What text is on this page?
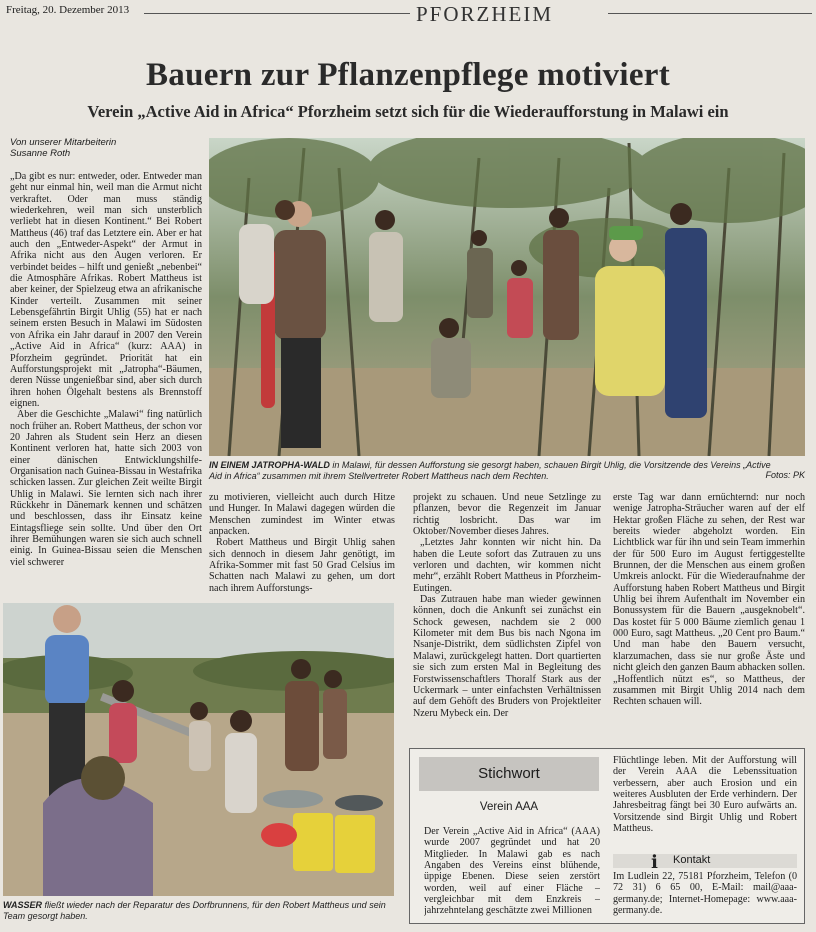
Freitag, 20. Dezember 2013	PFORZHEIM
Bauern zur Pflanzenpflege motiviert
Verein „Active Aid in Africa“ Pforzheim setzt sich für die Wiederaufforstung in Malawi ein
Von unserer Mitarbeiterin
Susanne Roth

„Da gibt es nur: entweder, oder. Entweder man geht nur einmal hin, weil man die Armut nicht verkraftet. Oder man muss ständig wiederkehren, weil man sich unsterblich verliebt hat in diesen Kontinent.“ Bei Robert Mattheus (46) traf das Letztere ein. Aber er hat auch den „Entweder-Aspekt“ der Armut in Afrika nicht aus den Augen verloren. Er verbindet beides – hilft und genießt „nebenbei“ die Atmosphäre Afrikas. Robert Mattheus ist aber keiner, der Spielzeug etwa an afrikanische Kinder verteilt. Zusammen mit seiner Lebensgefährtin Birgit Uhlig (55) hat er nach seinem ersten Besuch in Malawi im Südosten von Afrika ein Jahr darauf in 2007 den Verein „Active Aid in Africa“ (kurz: AAA) in Pforzheim gegründet. Priorität hat ein Aufforstungsprojekt mit „Jatropha“-Bäumen, deren Nüsse ungenießbar sind, aber sich durch ihren hohen Ölgehalt bestens als Brennstoff eignen.

Aber die Geschichte „Malawi“ fing natürlich noch früher an. Robert Mattheus, der schon vor 20 Jahren als Student sein Herz an diesen Kontinent verloren hat, hatte sich 2003 von einer dänischen Entwicklungshilfe-Organisation nach Guinea-Bissau in Westafrika schicken lassen. Zur gleichen Zeit weilte Birgit Uhlig in Malawi. Sie lernten sich nach ihrer Rückkehr in Dänemark kennen und schätzen und beschlossen, dass ihr Einsatz keine Eintagsfliege sein sollte. Und über den Ort ihrer Bemühungen waren sie sich auch schnell einig. In Guinea-Bissau seien die Menschen viel schwerer

IN EINEM JATROPHA-WALD in Malawi, für dessen Aufforstung sie gesorgt haben, schauen Birgit Uhlig, die Vorsitzende des Vereins „Active Aid in Africa“ zusammen mit ihrem Stellvertreter Robert Mattheus nach dem Rechten.	Fotos: PK

zu motivieren, vielleicht auch durch Hitze und Hunger. In Malawi dagegen würden die Menschen zumindest im Winter etwas anpacken.

Robert Mattheus und Birgit Uhlig sahen sich dennoch in diesem Jahr genötigt, im Afrika-Sommer mit fast 50 Grad Celsius im Schatten nach Malawi zu gehen, um dort nach ihrem Aufforstungs-

projekt zu schauen. Und neue Setzlinge zu pflanzen, bevor die Regenzeit im Januar richtig losbricht. Das war im Oktober/November dieses Jahres.

„Letztes Jahr konnten wir nicht hin. Da haben die Leute sofort das Zutrauen zu uns verloren und dachten, wir kommen nicht mehr“, erzählt Robert Mattheus in Pforzheim-Eutingen.

Das Zutrauen habe man wieder gewinnen können, doch die Ankunft sei zunächst ein Schock gewesen, nachdem sie 2 000 Kilometer mit dem Bus bis nach Ngona im Nsanje-Distrikt, dem südlichsten Zipfel von Malawi, zurückgelegt hatten. Dort quartierten sie sich zum ersten Mal in Begleitung des Forstwissenschaftlers Thoralf Stark aus der Uckermark – unter einfachsten Verhältnissen auf dem Gehöft des Bruders von Projektleiter Nzeru Mybeck ein. Der

erste Tag war dann ernüchternd: nur noch wenige Jatropha-Sträucher waren auf der elf Hektar großen Fläche zu sehen, der Rest war bereits wieder abgeholzt worden. Ein Lichtblick war für ihn und sein Team immerhin der für 500 Euro im August fertiggestellte Brunnen, der die Menschen aus einem großen Umkreis anlockt. Für die Wiederaufnahme der Aufforstung haben Robert Mattheus und Birgit Uhlig bei ihrem Aufenthalt im November ein Bonussystem für die Bauern „ausgeknobelt“. Das kostet für 5 000 Bäume ziemlich genau 1 000 Euro, sagt Mattheus. „20 Cent pro Baum.“ Und man habe den Bauern versucht, klarzumachen, dass sie nur große Äste und nicht gleich den ganzen Baum abhacken sollen. „Hoffentlich nützt es“, so Mattheus, der zusammen mit Birgit Uhlig 2014 nach dem Rechten schauen will.

WASSER fließt wieder nach der Reparatur des Dorfbrunnens, für den Robert Mattheus und sein Team gesorgt haben.
Stichwort
Verein AAA

Der Verein „Active Aid in Africa“ (AAA) wurde 2007 gegründet und hat 20 Mitglieder. In Malawi gab es nach Angaben des Vereins einst blühende, üppige Ebenen. Diese seien zerstört worden, weil auf einer Fläche – vergleichbar mit dem Enzkreis – jahrzehntelang geschätzte zwei Millionen

Flüchtlinge leben. Mit der Aufforstung will der Verein AAA die Lebenssituation verbessern, aber auch Erosion und ein weiteres Ausbluten der Erde verhindern. Der Jahresbeitrag fängt bei 30 Euro aufwärts an. Vorsitzende sind Birgit Uhlig und Robert Mattheus.

ℹ Kontakt

Im Ludlein 22, 75181 Pforzheim, Telefon (0 72 31) 6 65 00, E-Mail: mail@aaa-germany.de; Internet-Homepage: www.aaa-germany.de.
